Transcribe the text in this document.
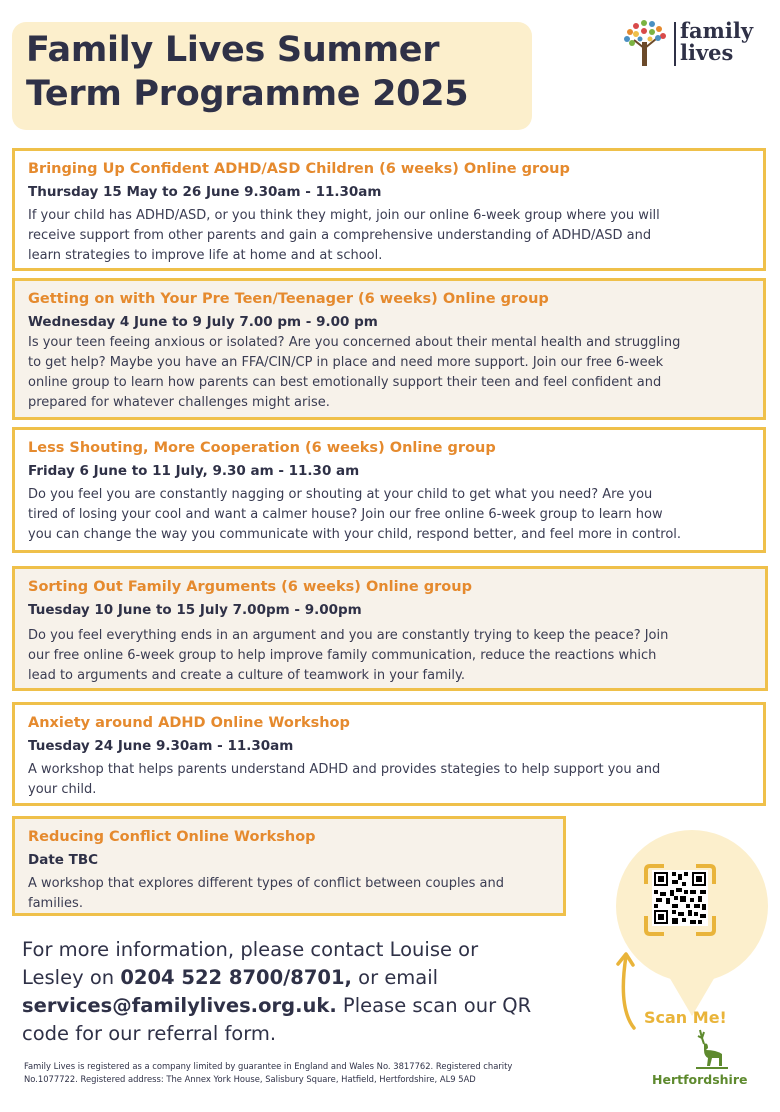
Family Lives Summer
Term Programme 2025
family
lives
Bringing Up Confident ADHD/ASD Children (6 weeks) Online group
Thursday 15 May to 26 June 9.30am - 11.30am
If your child has ADHD/ASD, or you think they might, join our online 6-week group where you will
receive support from other parents and gain a comprehensive understanding of ADHD/ASD and
learn strategies to improve life at home and at school.
Getting on with Your Pre Teen/Teenager (6 weeks) Online group
Wednesday 4 June to 9 July 7.00 pm - 9.00 pm
Is your teen feeing anxious or isolated? Are you concerned about their mental health and struggling
to get help? Maybe you have an FFA/CIN/CP in place and need more support. Join our free 6-week
online group to learn how parents can best emotionally support their teen and feel confident and
prepared for whatever challenges might arise.
Less Shouting, More Cooperation (6 weeks) Online group
Friday 6 June to 11 July, 9.30 am - 11.30 am
Do you feel you are constantly nagging or shouting at your child to get what you need? Are you
tired of losing your cool and want a calmer house? Join our free online 6-week group to learn how
you can change the way you communicate with your child, respond better, and feel more in control.
Sorting Out Family Arguments (6 weeks) Online group
Tuesday 10 June to 15 July 7.00pm - 9.00pm
Do you feel everything ends in an argument and you are constantly trying to keep the peace? Join
our free online 6-week group to help improve family communication, reduce the reactions which
lead to arguments and create a culture of teamwork in your family.
Anxiety around ADHD Online Workshop
Tuesday 24 June 9.30am - 11.30am
A workshop that helps parents understand ADHD and provides stategies to help support you and
your child.
Reducing Conflict Online Workshop
Date TBC
A workshop that explores different types of conflict between couples and
families.
For more information, please contact Louise or
Lesley on 0204 522 8700/8701, or email
services@familylives.org.uk. Please scan our QR
code for our referral form.
Scan Me!
Hertfordshire
Family Lives is registered as a company limited by guarantee in England and Wales No. 3817762. Registered charity
No.1077722. Registered address: The Annex York House, Salisbury Square, Hatfield, Hertfordshire, AL9 5AD
